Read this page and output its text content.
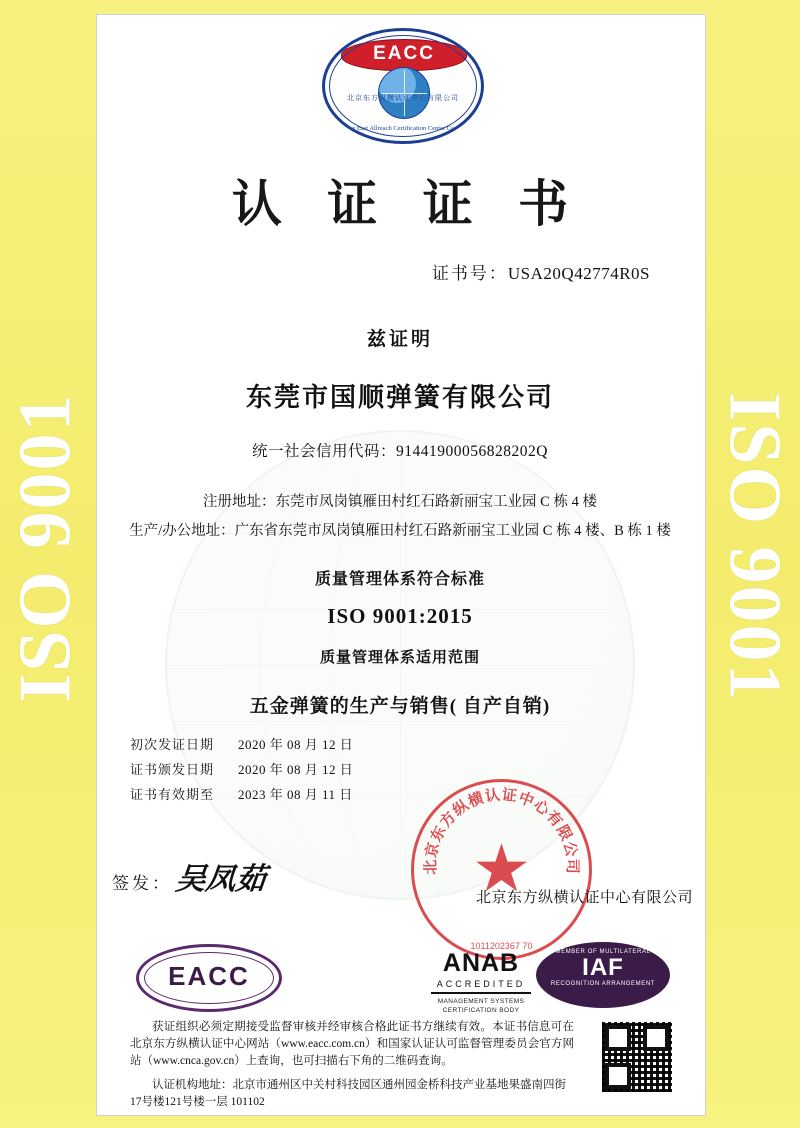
ISO 9001	ISO 9001
EACC
北京东方纵横认证中心有限公司
Beijing East Allreach Certification Center Co., Ltd.
认 证 证 书
证书号：USA20Q42774R0S
兹证明
东莞市国顺弹簧有限公司
统一社会信用代码：91441900056828202Q
注册地址：东莞市凤岗镇雁田村红石路新丽宝工业园 C 栋 4 楼
生产/办公地址：广东省东莞市凤岗镇雁田村红石路新丽宝工业园 C 栋 4 楼、B 栋 1 楼
质量管理体系符合标准
ISO 9001:2015
质量管理体系适用范围
五金弹簧的生产与销售( 自产自销)
初次发证日期	2020 年 08 月 12 日
证书颁发日期	2020 年 08 月 12 日
证书有效期至	2023 年 08 月 11 日
签发： 吴凤茹	北京东方纵横认证中心有限公司
★
1011202367 70
北京东方纵横认证中心有限公司
EACC	ANAB
ACCREDITED
MANAGEMENT SYSTEMS
CERTIFICATION BODY
MEMBER OF MULTILATERAL
IAF
RECOGNITION ARRANGEMENT
获证组织必须定期接受监督审核并经审核合格此证书方继续有效。本证书信息可在北京东方纵横认证中心网站（www.eacc.com.cn）和国家认证认可监督管理委员会官方网站（www.cnca.gov.cn）上查询，也可扫描右下角的二维码查询。
认证机构地址：北京市通州区中关村科技园区通州园金桥科技产业基地果盛南四街17号楼121号楼一层 101102
